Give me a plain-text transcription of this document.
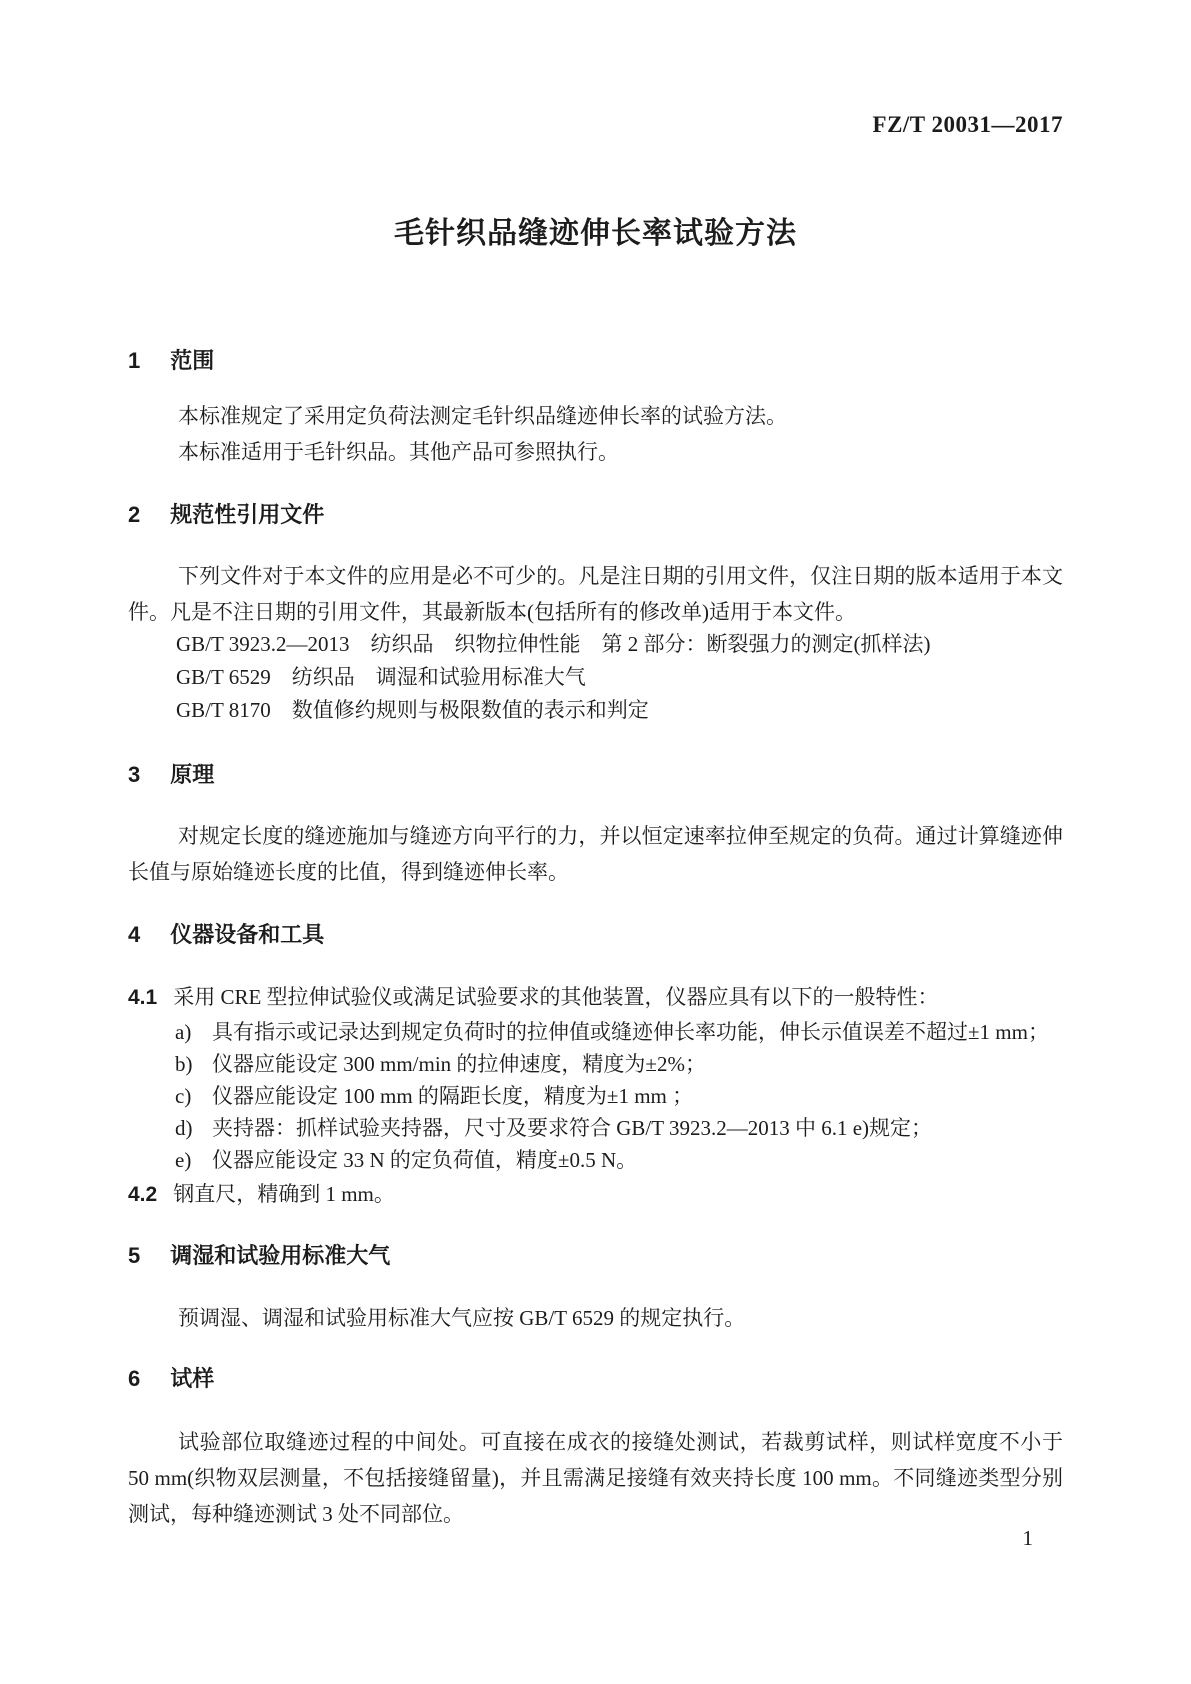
FZ/T 20031—2017
毛针织品缝迹伸长率试验方法
1 范围

本标准规定了采用定负荷法测定毛针织品缝迹伸长率的试验方法。

本标准适用于毛针织品。其他产品可参照执行。

2 规范性引用文件

下列文件对于本文件的应用是必不可少的。凡是注日期的引用文件，仅注日期的版本适用于本文件。凡是不注日期的引用文件，其最新版本(包括所有的修改单)适用于本文件。

GB/T 3923.2—2013　纺织品　织物拉伸性能　第 2 部分：断裂强力的测定(抓样法)
GB/T 6529　纺织品　调湿和试验用标准大气
GB/T 8170　数值修约规则与极限数值的表示和判定
3 原理

对规定长度的缝迹施加与缝迹方向平行的力，并以恒定速率拉伸至规定的负荷。通过计算缝迹伸长值与原始缝迹长度的比值，得到缝迹伸长率。

4 仪器设备和工具

4.1 采用 CRE 型拉伸试验仪或满足试验要求的其他装置，仪器应具有以下的一般特性：

a) 具有指示或记录达到规定负荷时的拉伸值或缝迹伸长率功能，伸长示值误差不超过±1 mm；
b) 仪器应能设定 300 mm/min 的拉伸速度，精度为±2%；
c) 仪器应能设定 100 mm 的隔距长度，精度为±1 mm ；
d) 夹持器：抓样试验夹持器，尺寸及要求符合 GB/T 3923.2—2013 中 6.1 e)规定；
e) 仪器应能设定 33 N 的定负荷值，精度±0.5 N。

4.2 钢直尺，精确到 1 mm。

5 调湿和试验用标准大气

预调湿、调湿和试验用标准大气应按 GB/T 6529 的规定执行。

6 试样

试验部位取缝迹过程的中间处。可直接在成衣的接缝处测试，若裁剪试样，则试样宽度不小于 50 mm(织物双层测量，不包括接缝留量)，并且需满足接缝有效夹持长度 100 mm。不同缝迹类型分别测试，每种缝迹测试 3 处不同部位。

1
